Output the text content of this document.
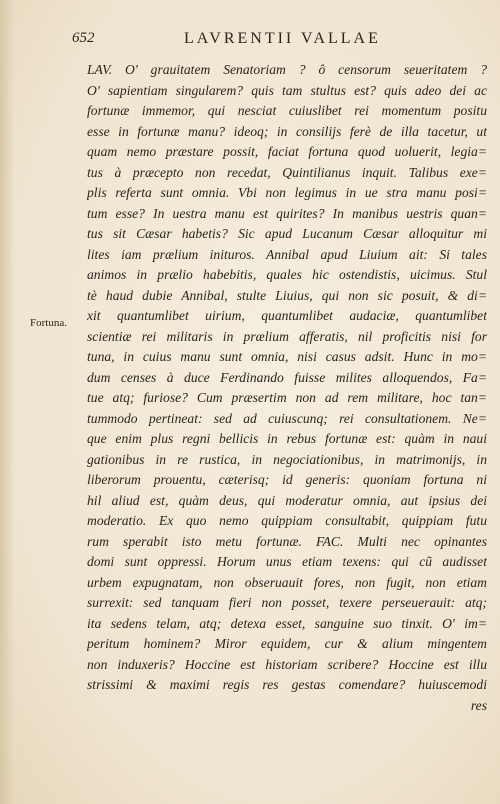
652	LAVRENTII VALLAE
Fortuna.
LAV. O' grauitatem Senatoriam ? ô censorum seueritatem ?
O' sapientiam singularem? quis tam stultus est? quis adeo dei ac
fortunæ immemor, qui nesciat cuiuslibet rei momentum positu
esse in fortunæ manu? ideoq; in consilijs ferè de illa tacetur, ut
quam nemo præstare possit, faciat fortuna quod uoluerit, legia=
tus à præcepto non recedat, Quintilianus inquit. Talibus exe=
plis referta sunt omnia. Vbi non legimus in ue stra manu posi=
tum esse? In uestra manu est quirites? In manibus uestris quan=
tus sit Cæsar habetis? Sic apud Lucanum Cæsar alloquitur mi
lites iam prælium inituros. Annibal apud Liuium ait: Si tales
animos in prælio habebitis, quales hic ostendistis, uicimus. Stul
tè haud dubie Annibal, stulte Liuius, qui non sic posuit, & di=
xit quantumlibet uirium, quantumlibet audaciæ, quantumlibet
scientiæ rei militaris in prælium afferatis, nil proficitis nisi for
tuna, in cuius manu sunt omnia, nisi casus adsit. Hunc in mo=
dum censes à duce Ferdinando fuisse milites alloquendos, Fa=
tue atq; furiose? Cum præsertim non ad rem militare, hoc tan=
tummodo pertineat: sed ad cuiuscunq; rei consultationem. Ne=
que enim plus regni bellicis in rebus fortunæ est: quàm in naui
gationibus in re rustica, in negociationibus, in matrimonijs, in
liberorum prouentu, cæterisq; id generis: quoniam fortuna ni
hil aliud est, quàm deus, qui moderatur omnia, aut ipsius dei
moderatio. Ex quo nemo quippiam consultabit, quippiam futu
rum sperabit isto metu fortunæ. FAC. Multi nec opinantes
domi sunt oppressi. Horum unus etiam texens: qui cũ audisset
urbem expugnatam, non obseruauit fores, non fugit, non etiam
surrexit: sed tanquam fieri non posset, texere perseuerauit: atq;
ita sedens telam, atq; detexa esset, sanguine suo tinxit. O' im=
peritum hominem? Miror equidem, cur & alium mingentem
non induxeris? Hoccine est historiam scribere? Hoccine est illu
strissimi & maximi regis res gestas comendare? huiuscemodi
res
